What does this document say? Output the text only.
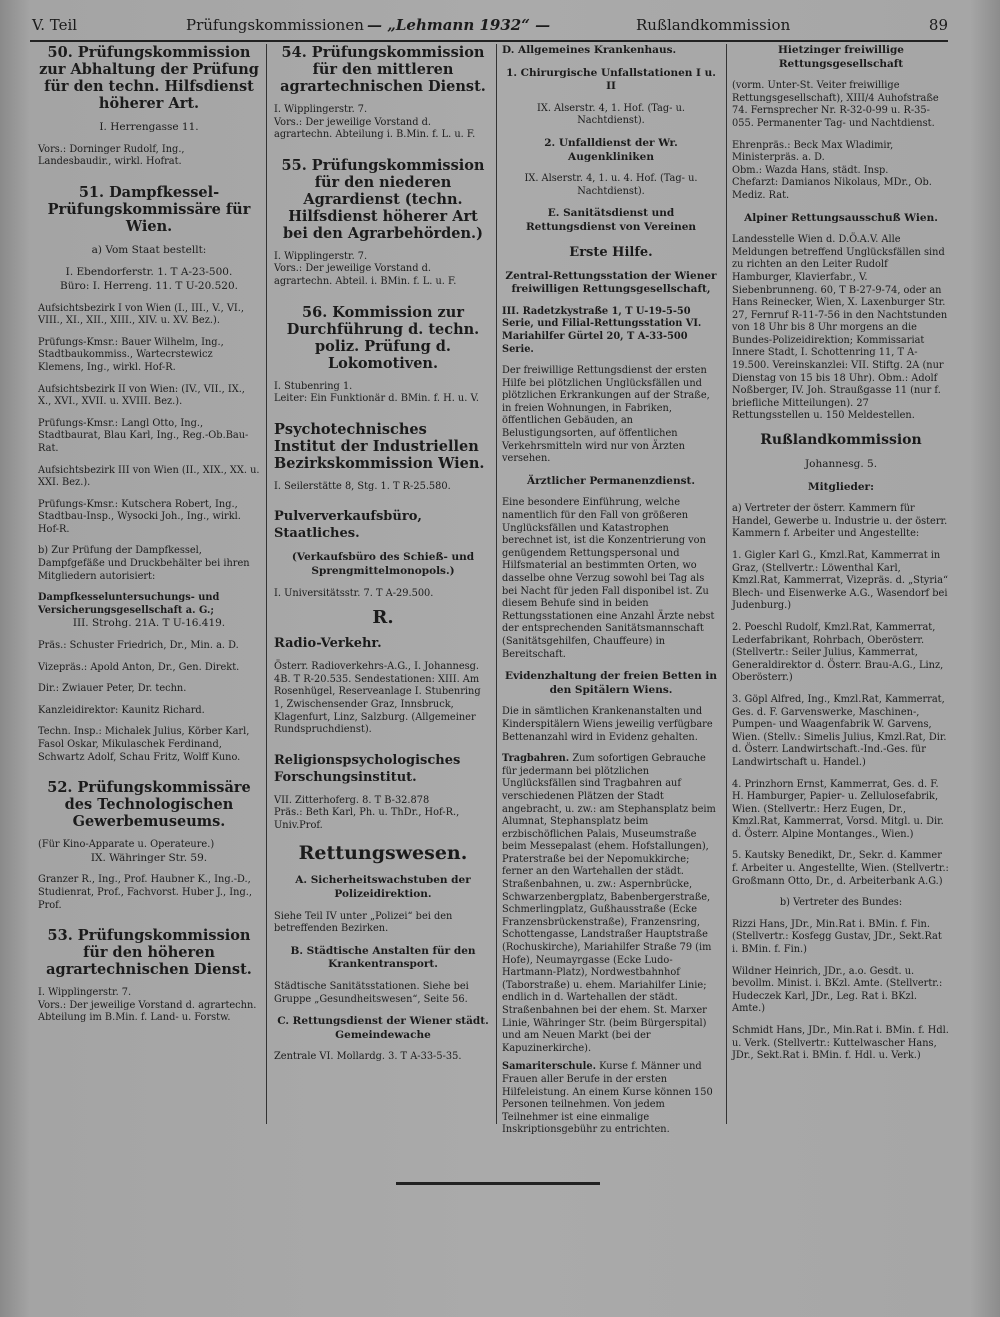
V. Teil	Prüfungskommissionen — „Lehmann 1932“ —	Rußlandkommission	89

50. Prüfungskommission zur Abhaltung der Prüfung für den techn. Hilfsdienst höherer Art.

I. Herrengasse 11.

Vors.: Dorninger Rudolf, Ing., Landesbaudir., wirkl. Hofrat.

51. Dampfkessel-Prüfungskommissäre für Wien.

a) Vom Staat bestellt:

I. Ebendorferstr. 1. T A-23-500.

Büro: I. Herreng. 11. T U-20.520.

Aufsichtsbezirk I von Wien (I., III., V., VI., VIII., XI., XII., XIII., XIV. u. XV. Bez.).

Prüfungs-Kmsr.: Bauer Wilhelm, Ing., Stadtbaukommiss., Wartecrstewicz Klemens, Ing., wirkl. Hof-R.

Aufsichtsbezirk II von Wien: (IV., VII., IX., X., XVI., XVII. u. XVIII. Bez.).

Prüfungs-Kmsr.: Langl Otto, Ing., Stadtbaurat, Blau Karl, Ing., Reg.-Ob.Bau-Rat.

Aufsichtsbezirk III von Wien (II., XIX., XX. u. XXI. Bez.).

Prüfungs-Kmsr.: Kutschera Robert, Ing., Stadtbau-Insp., Wysocki Joh., Ing., wirkl. Hof-R.

b) Zur Prüfung der Dampfkessel, Dampfgefäße und Druckbehälter bei ihren Mitgliedern autorisiert:

Dampfkesseluntersuchungs- und Versicherungsgesellschaft a. G.;

III. Strohg. 21A. T U-16.419.

Präs.: Schuster Friedrich, Dr., Min. a. D.

Vizepräs.: Apold Anton, Dr., Gen. Direkt.

Dir.: Zwiauer Peter, Dr. techn.

Kanzleidirektor: Kaunitz Richard.

Techn. Insp.: Michalek Julius, Körber Karl, Fasol Oskar, Mikulaschek Ferdinand, Schwartz Adolf, Schau Fritz, Wolff Kuno.

52. Prüfungskommissäre des Technologischen Gewerbemuseums.

(Für Kino-Apparate u. Operateure.)

IX. Währinger Str. 59.

Granzer R., Ing., Prof. Haubner K., Ing.-D., Studienrat, Prof., Fachvorst. Huber J., Ing., Prof.

53. Prüfungskommission für den höheren agrartechnischen Dienst.

I. Wipplingerstr. 7.

Vors.: Der jeweilige Vorstand d. agrartechn. Abteilung im B.Min. f. Land- u. Forstw.

54. Prüfungskommission für den mittleren agrartechnischen Dienst.

I. Wipplingerstr. 7.

Vors.: Der jeweilige Vorstand d. agrartechn. Abteilung i. B.Min. f. L. u. F.

55. Prüfungskommission für den niederen Agrardienst (techn. Hilfsdienst höherer Art bei den Agrarbehörden.)

I. Wipplingerstr. 7.

Vors.: Der jeweilige Vorstand d. agrartechn. Abteil. i. BMin. f. L. u. F.

56. Kommission zur Durchführung d. techn. poliz. Prüfung d. Lokomotiven.

I. Stubenring 1.

Leiter: Ein Funktionär d. BMin. f. H. u. V.

Psychotechnisches Institut der Industriellen Bezirkskommission Wien.

I. Seilerstätte 8, Stg. 1. T R-25.580.

Pulververkaufsbüro, Staatliches.

(Verkaufsbüro des Schieß- und Sprengmittelmonopols.)

I. Universitätsstr. 7. T A-29.500.

R.

Radio-Verkehr.

Österr. Radioverkehrs-A.G., I. Johannesg. 4B. T R-20.535. Sendestationen: XIII. Am Rosenhügel, Reserveanlage I. Stubenring 1, Zwischensender Graz, Innsbruck, Klagenfurt, Linz, Salzburg. (Allgemeiner Rundspruchdienst).

Religionspsychologisches Forschungsinstitut.

VII. Zitterhoferg. 8. T B-32.878

Präs.: Beth Karl, Ph. u. ThDr., Hof-R., Univ.Prof.

Rettungswesen.

A. Sicherheitswachstuben der Polizeidirektion.

Siehe Teil IV unter „Polizei“ bei den betreffenden Bezirken.

B. Städtische Anstalten für den Krankentransport.

Städtische Sanitätsstationen. Siehe bei Gruppe „Gesundheitswesen“, Seite 56.

C. Rettungsdienst der Wiener städt. Gemeindewache

Zentrale VI. Mollardg. 3. T A-33-5-35.

D. Allgemeines Krankenhaus.

1. Chirurgische Unfallstationen I u. II

IX. Alserstr. 4, 1. Hof. (Tag- u. Nachtdienst).

2. Unfalldienst der Wr. Augenkliniken

IX. Alserstr. 4, 1. u. 4. Hof. (Tag- u. Nachtdienst).

E. Sanitätsdienst und Rettungsdienst von Vereinen

Erste Hilfe.

Zentral-Rettungsstation der Wiener freiwilligen Rettungsgesellschaft,

III. Radetzkystraße 1, T U-19-5-50 Serie, und Filial-Rettungsstation VI. Mariahilfer Gürtel 20, T A-33-500 Serie.

Der freiwillige Rettungsdienst der ersten Hilfe bei plötzlichen Unglücksfällen und plötzlichen Erkrankungen auf der Straße, in freien Wohnungen, in Fabriken, öffentlichen Gebäuden, an Belustigungsorten, auf öffentlichen Verkehrsmitteln wird nur von Ärzten versehen.

Ärztlicher Permanenzdienst.

Eine besondere Einführung, welche namentlich für den Fall von größeren Unglücksfällen und Katastrophen berechnet ist, ist die Konzentrierung von genügendem Rettungspersonal und Hilfsmaterial an bestimmten Orten, wo dasselbe ohne Verzug sowohl bei Tag als bei Nacht für jeden Fall disponibel ist. Zu diesem Behufe sind in beiden Rettungsstationen eine Anzahl Ärzte nebst der entsprechenden Sanitätsmannschaft (Sanitätsgehilfen, Chauffeure) in Bereitschaft.

Evidenzhaltung der freien Betten in den Spitälern Wiens.

Die in sämtlichen Krankenanstalten und Kinderspitälern Wiens jeweilig verfügbare Bettenanzahl wird in Evidenz gehalten.

Tragbahren. Zum sofortigen Gebrauche für jedermann bei plötzlichen Unglücksfällen sind Tragbahren auf verschiedenen Plätzen der Stadt angebracht, u. zw.: am Stephansplatz beim Alumnat, Stephansplatz beim erzbischöflichen Palais, Museumstraße beim Messepalast (ehem. Hofstallungen), Praterstraße bei der Nepomukkirche; ferner an den Wartehallen der städt. Straßenbahnen, u. zw.: Aspernbrücke, Schwarzenbergplatz, Babenbergerstraße, Schmerlingplatz, Gußhausstraße (Ecke Franzensbrückenstraße), Franzensring, Schottengasse, Landstraßer Hauptstraße (Rochuskirche), Mariahilfer Straße 79 (im Hofe), Neumayrgasse (Ecke Ludo-Hartmann-Platz), Nordwestbahnhof (Taborstraße) u. ehem. Mariahilfer Linie; endlich in d. Wartehallen der städt. Straßenbahnen bei der ehem. St. Marxer Linie, Währinger Str. (beim Bürgerspital) und am Neuen Markt (bei der Kapuzinerkirche).

Samariterschule. Kurse f. Männer und Frauen aller Berufe in der ersten Hilfeleistung. An einem Kurse können 150 Personen teilnehmen. Von jedem Teilnehmer ist eine einmalige Inskriptionsgebühr zu entrichten.

Hietzinger freiwillige Rettungsgesellschaft

(vorm. Unter-St. Veiter freiwillige Rettungsgesellschaft), XIII/4 Auhofstraße 74. Fernsprecher Nr. R-32-0-99 u. R-35-055. Permanenter Tag- und Nachtdienst.

Ehrenpräs.: Beck Max Wladimir, Ministerpräs. a. D.

Obm.: Wazda Hans, städt. Insp.

Chefarzt: Damianos Nikolaus, MDr., Ob. Mediz. Rat.

Alpiner Rettungsausschuß Wien.

Landesstelle Wien d. D.Ö.A.V. Alle Meldungen betreffend Unglücksfällen sind zu richten an den Leiter Rudolf Hamburger, Klavierfabr., V. Siebenbrunneng. 60, T B-27-9-74, oder an Hans Reinecker, Wien, X. Laxenburger Str. 27, Fernruf R-11-7-56 in den Nachtstunden von 18 Uhr bis 8 Uhr morgens an die Bundes-Polizeidirektion; Kommissariat Innere Stadt, I. Schottenring 11, T A-19.500. Vereinskanzlei: VII. Stiftg. 2A (nur Dienstag von 15 bis 18 Uhr). Obm.: Adolf Noßberger, IV. Joh. Straußgasse 11 (nur f. briefliche Mitteilungen). 27 Rettungsstellen u. 150 Meldestellen.

Rußlandkommission

Johannesg. 5.

Mitglieder:

a) Vertreter der österr. Kammern für Handel, Gewerbe u. Industrie u. der österr. Kammern f. Arbeiter und Angestellte:

1. Gigler Karl G., Kmzl.Rat, Kammerrat in Graz, (Stellvertr.: Löwenthal Karl, Kmzl.Rat, Kammerrat, Vizepräs. d. „Styria“ Blech- und Eisenwerke A.G., Wasendorf bei Judenburg.)

2. Poeschl Rudolf, Kmzl.Rat, Kammerrat, Lederfabrikant, Rohrbach, Oberösterr. (Stellvertr.: Seiler Julius, Kammerrat, Generaldirektor d. Österr. Brau-A.G., Linz, Oberösterr.)

3. Göpl Alfred, Ing., Kmzl.Rat, Kammerrat, Ges. d. F. Garvenswerke, Maschinen-, Pumpen- und Waagenfabrik W. Garvens, Wien. (Stellv.: Simelis Julius, Kmzl.Rat, Dir. d. Österr. Landwirtschaft.-Ind.-Ges. für Landwirtschaft u. Handel.)

4. Prinzhorn Ernst, Kammerrat, Ges. d. F. H. Hamburger, Papier- u. Zellulosefabrik, Wien. (Stellvertr.: Herz Eugen, Dr., Kmzl.Rat, Kammerrat, Vorsd. Mitgl. u. Dir. d. Österr. Alpine Montanges., Wien.)

5. Kautsky Benedikt, Dr., Sekr. d. Kammer f. Arbeiter u. Angestellte, Wien. (Stellvertr.: Großmann Otto, Dr., d. Arbeiterbank A.G.)

b) Vertreter des Bundes:

Rizzi Hans, JDr., Min.Rat i. BMin. f. Fin. (Stellvertr.: Kosfegg Gustav, JDr., Sekt.Rat i. BMin. f. Fin.)

Wildner Heinrich, JDr., a.o. Gesdt. u. bevollm. Minist. i. BKzl. Amte. (Stellvertr.: Hudeczek Karl, JDr., Leg. Rat i. BKzl. Amte.)

Schmidt Hans, JDr., Min.Rat i. BMin. f. Hdl. u. Verk. (Stellvertr.: Kuttelwascher Hans, JDr., Sekt.Rat i. BMin. f. Hdl. u. Verk.)
